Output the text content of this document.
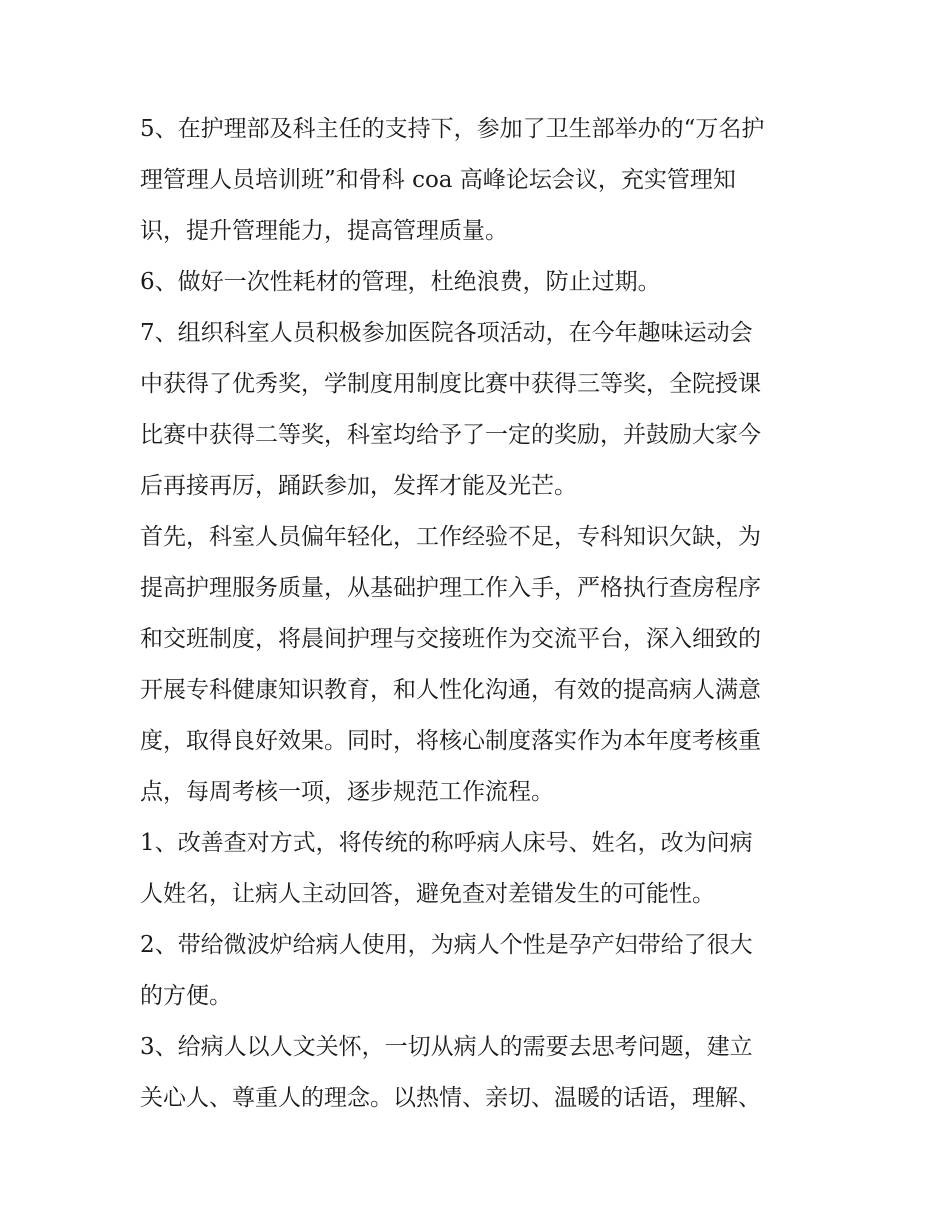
5、在护理部及科主任的支持下，参加了卫生部举办的“万名护
理管理人员培训班”和骨科 coa 高峰论坛会议，充实管理知
识，提升管理能力，提高管理质量。
6、做好一次性耗材的管理，杜绝浪费，防止过期。
7、组织科室人员积极参加医院各项活动，在今年趣味运动会
中获得了优秀奖，学制度用制度比赛中获得三等奖，全院授课
比赛中获得二等奖，科室均给予了一定的奖励，并鼓励大家今
后再接再厉，踊跃参加，发挥才能及光芒。
首先，科室人员偏年轻化，工作经验不足，专科知识欠缺，为
提高护理服务质量，从基础护理工作入手，严格执行查房程序
和交班制度，将晨间护理与交接班作为交流平台，深入细致的
开展专科健康知识教育，和人性化沟通，有效的提高病人满意
度，取得良好效果。同时，将核心制度落实作为本年度考核重
点，每周考核一项，逐步规范工作流程。
1、改善查对方式，将传统的称呼病人床号、姓名，改为问病
人姓名，让病人主动回答，避免查对差错发生的可能性。
2、带给微波炉给病人使用，为病人个性是孕产妇带给了很大
的方便。
3、给病人以人文关怀，一切从病人的需要去思考问题，建立
关心人、尊重人的理念。以热情、亲切、温暖的话语，理解、
